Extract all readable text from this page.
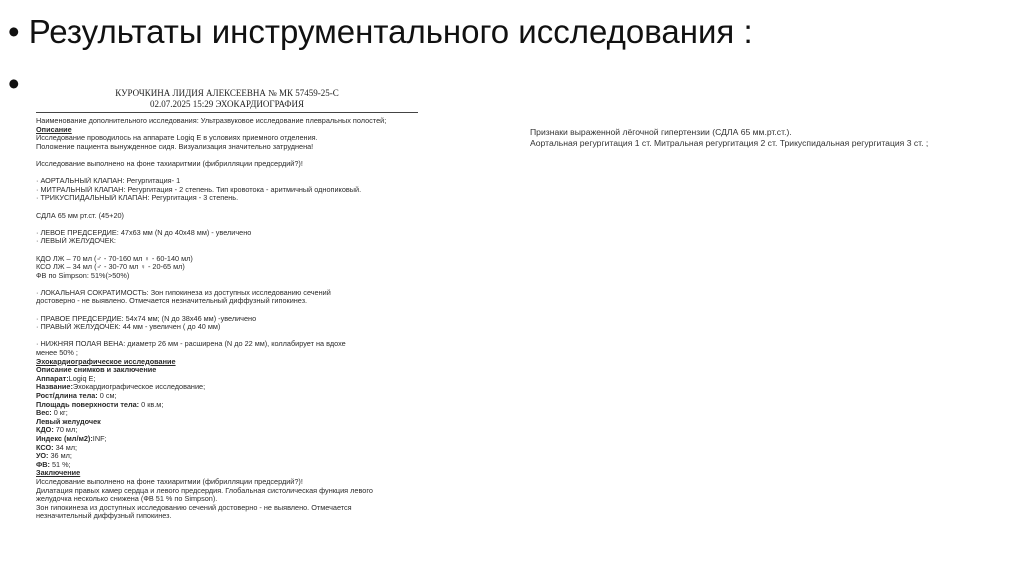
• Результаты инструментального исследования :
•	КУРОЧКИНА ЛИДИЯ АЛЕКСЕЕВНА № МК 57459-25-С
02.07.2025 15:29 ЭХОКАРДИОГРАФИЯ
Наименование дополнительного исследования: Ультразвуковое исследование плевральных полостей;
Описание
Исследование проводилось на аппарате Logiq E в условиях приемного отделения.
Положение пациента вынужденное сидя. Визуализация значительно затруднена!
Исследование выполнено на фоне тахиаритмии (фибрилляции предсердий?)!
· АОРТАЛЬНЫЙ КЛАПАН: Регургитация- 1
· МИТРАЛЬНЫЙ КЛАПАН: Регургитация - 2 степень. Тип кровотока - аритмичный однопиковый.
· ТРИКУСПИДАЛЬНЫЙ КЛАПАН: Регургитация - 3 степень.
СДЛА 65 мм рт.ст. (45+20)
· ЛЕВОЕ ПРЕДСЕРДИЕ: 47x63 мм (N до 40x48 мм) - увеличено
· ЛЕВЫЙ ЖЕЛУДОЧЕК:
КДО ЛЖ – 70 мл (♂ - 70-160 мл ♀ - 60-140 мл)
КСО ЛЖ – 34 мл (♂ - 30-70 мл ♀ - 20-65 мл)
ФВ по Simpson: 51%(>50%)
· ЛОКАЛЬНАЯ СОКРАТИМОСТЬ: Зон гипокинеза из доступных исследованию сечений
достоверно - не выявлено. Отмечается незначительный диффузный гипокинез.
· ПРАВОЕ ПРЕДСЕРДИЕ: 54x74 мм; (N до 38x46 мм) -увеличено
· ПРАВЫЙ ЖЕЛУДОЧЕК: 44 мм - увеличен ( до 40 мм)
· НИЖНЯЯ ПОЛАЯ ВЕНА: диаметр 26 мм - расширена (N до 22 мм), коллабирует на вдохе
менее 50% ;
Эхокардиографическое исследование
Описание снимков и заключение
Аппарат:Logiq E;
Название:Эхокардиографическое исследование;
Рост/длина тела: 0 см;
Площадь поверхности тела: 0 кв.м;
Вес: 0 кг;
Левый желудочек
КДО: 70 мл;
Индекс (мл/м2):INF;
КСО: 34 мл;
УО: 36 мл;
ФВ: 51 %;
Заключение
Исследование выполнено на фоне тахиаритмии (фибрилляции предсердий?)!
Дилатация правых камер сердца и левого предсердия. Глобальная систолическая функция левого
желудочка несколько снижена (ФВ 51 % по Simpson).
Зон гипокинеза из доступных исследованию сечений достоверно - не выявлено. Отмечается
незначительный диффузный гипокинез.
Признаки выраженной лёгочной гипертензии (СДЛА 65 мм.рт.ст.).
Аортальная регургитация 1 ст. Митральная регургитация 2 ст. Трикуспидальная регургитация 3 ст. ;
